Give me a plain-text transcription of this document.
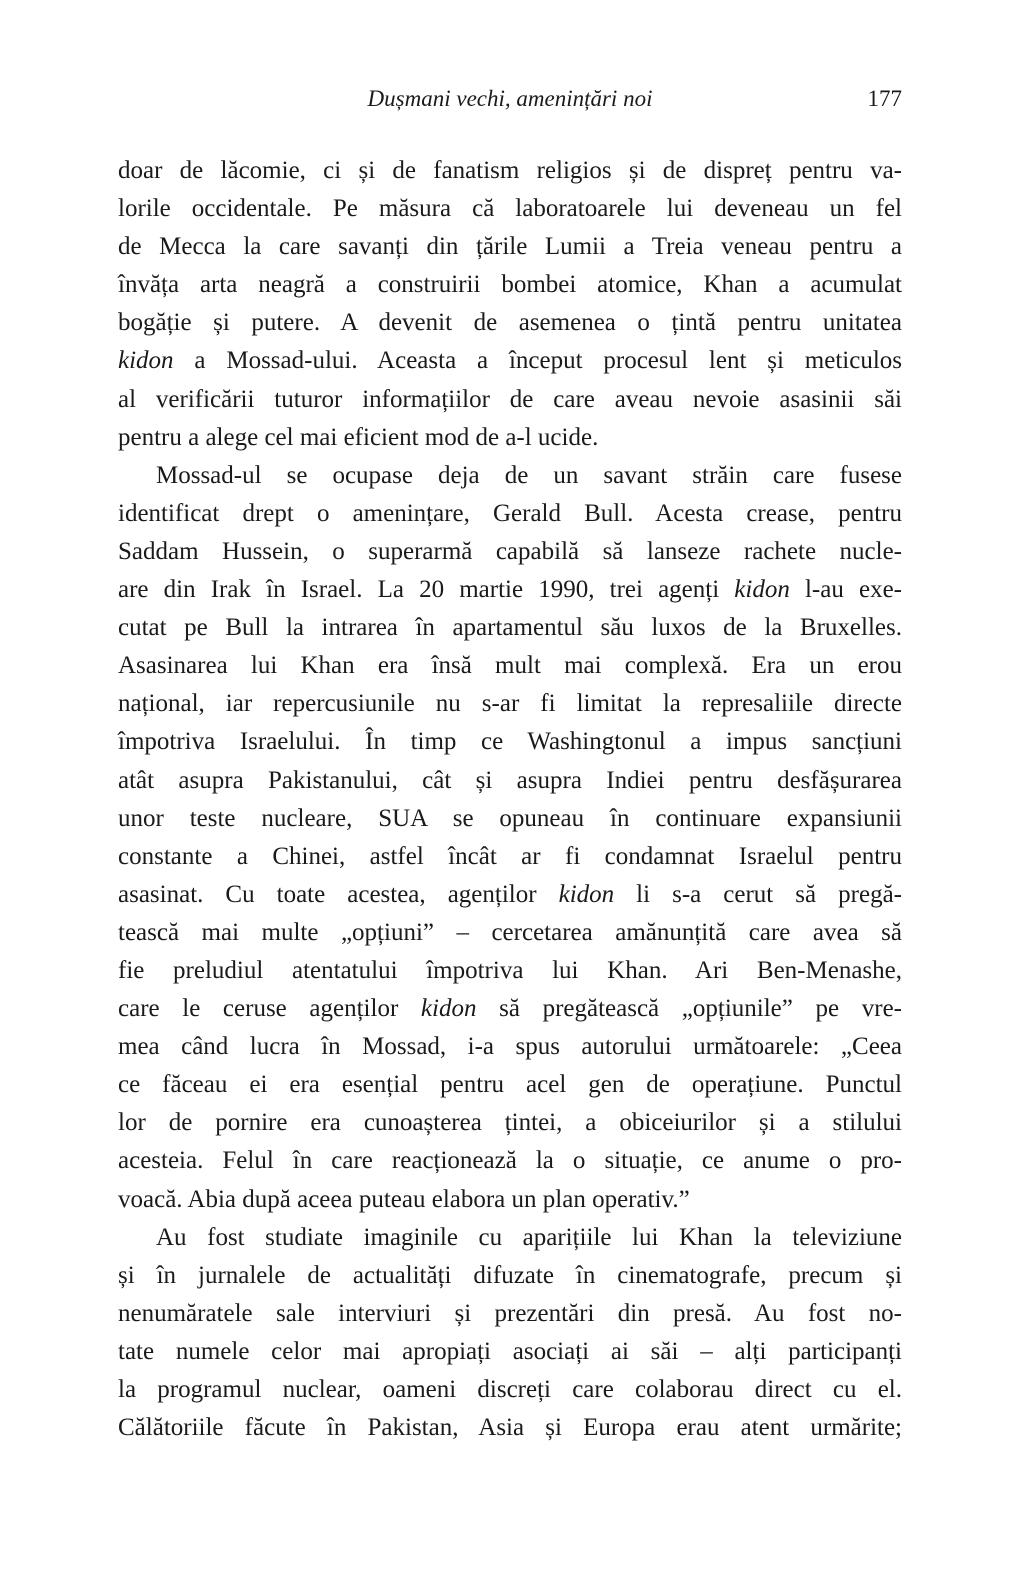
Dușmani vechi, amenințări noi	177
doar de lăcomie, ci și de fanatism religios și de dispreț pentru va-
lorile occidentale. Pe măsura că laboratoarele lui deveneau un fel
de Mecca la care savanți din țările Lumii a Treia veneau pentru a
învăța arta neagră a construirii bombei atomice, Khan a acumulat
bogăție și putere. A devenit de asemenea o țintă pentru unitatea
kidon a Mossad-ului. Aceasta a început procesul lent și meticulos
al verificării tuturor informațiilor de care aveau nevoie asasinii săi
pentru a alege cel mai eficient mod de a-l ucide.
Mossad-ul se ocupase deja de un savant străin care fusese
identificat drept o amenințare, Gerald Bull. Acesta crease, pentru
Saddam Hussein, o superarmă capabilă să lanseze rachete nucle-
are din Irak în Israel. La 20 martie 1990, trei agenți kidon l-au exe-
cutat pe Bull la intrarea în apartamentul său luxos de la Bruxelles.
Asasinarea lui Khan era însă mult mai complexă. Era un erou
național, iar repercusiunile nu s-ar fi limitat la represaliile directe
împotriva Israelului. În timp ce Washingtonul a impus sancțiuni
atât asupra Pakistanului, cât și asupra Indiei pentru desfășurarea
unor teste nucleare, SUA se opuneau în continuare expansiunii
constante a Chinei, astfel încât ar fi condamnat Israelul pentru
asasinat. Cu toate acestea, agenților kidon li s-a cerut să pregă-
tească mai multe „opțiuni” – cercetarea amănunțită care avea să
fie preludiul atentatului împotriva lui Khan. Ari Ben-Menashe,
care le ceruse agenților kidon să pregătească „opțiunile” pe vre-
mea când lucra în Mossad, i-a spus autorului următoarele: „Ceea
ce făceau ei era esențial pentru acel gen de operațiune. Punctul
lor de pornire era cunoașterea țintei, a obiceiurilor și a stilului
acesteia. Felul în care reacționează la o situație, ce anume o pro-
voacă. Abia după aceea puteau elabora un plan operativ.”
Au fost studiate imaginile cu aparițiile lui Khan la televiziune
și în jurnalele de actualități difuzate în cinematografe, precum și
nenumăratele sale interviuri și prezentări din presă. Au fost no-
tate numele celor mai apropiați asociați ai săi – alți participanți
la programul nuclear, oameni discreți care colaborau direct cu el.
Călătoriile făcute în Pakistan, Asia și Europa erau atent urmărite;
